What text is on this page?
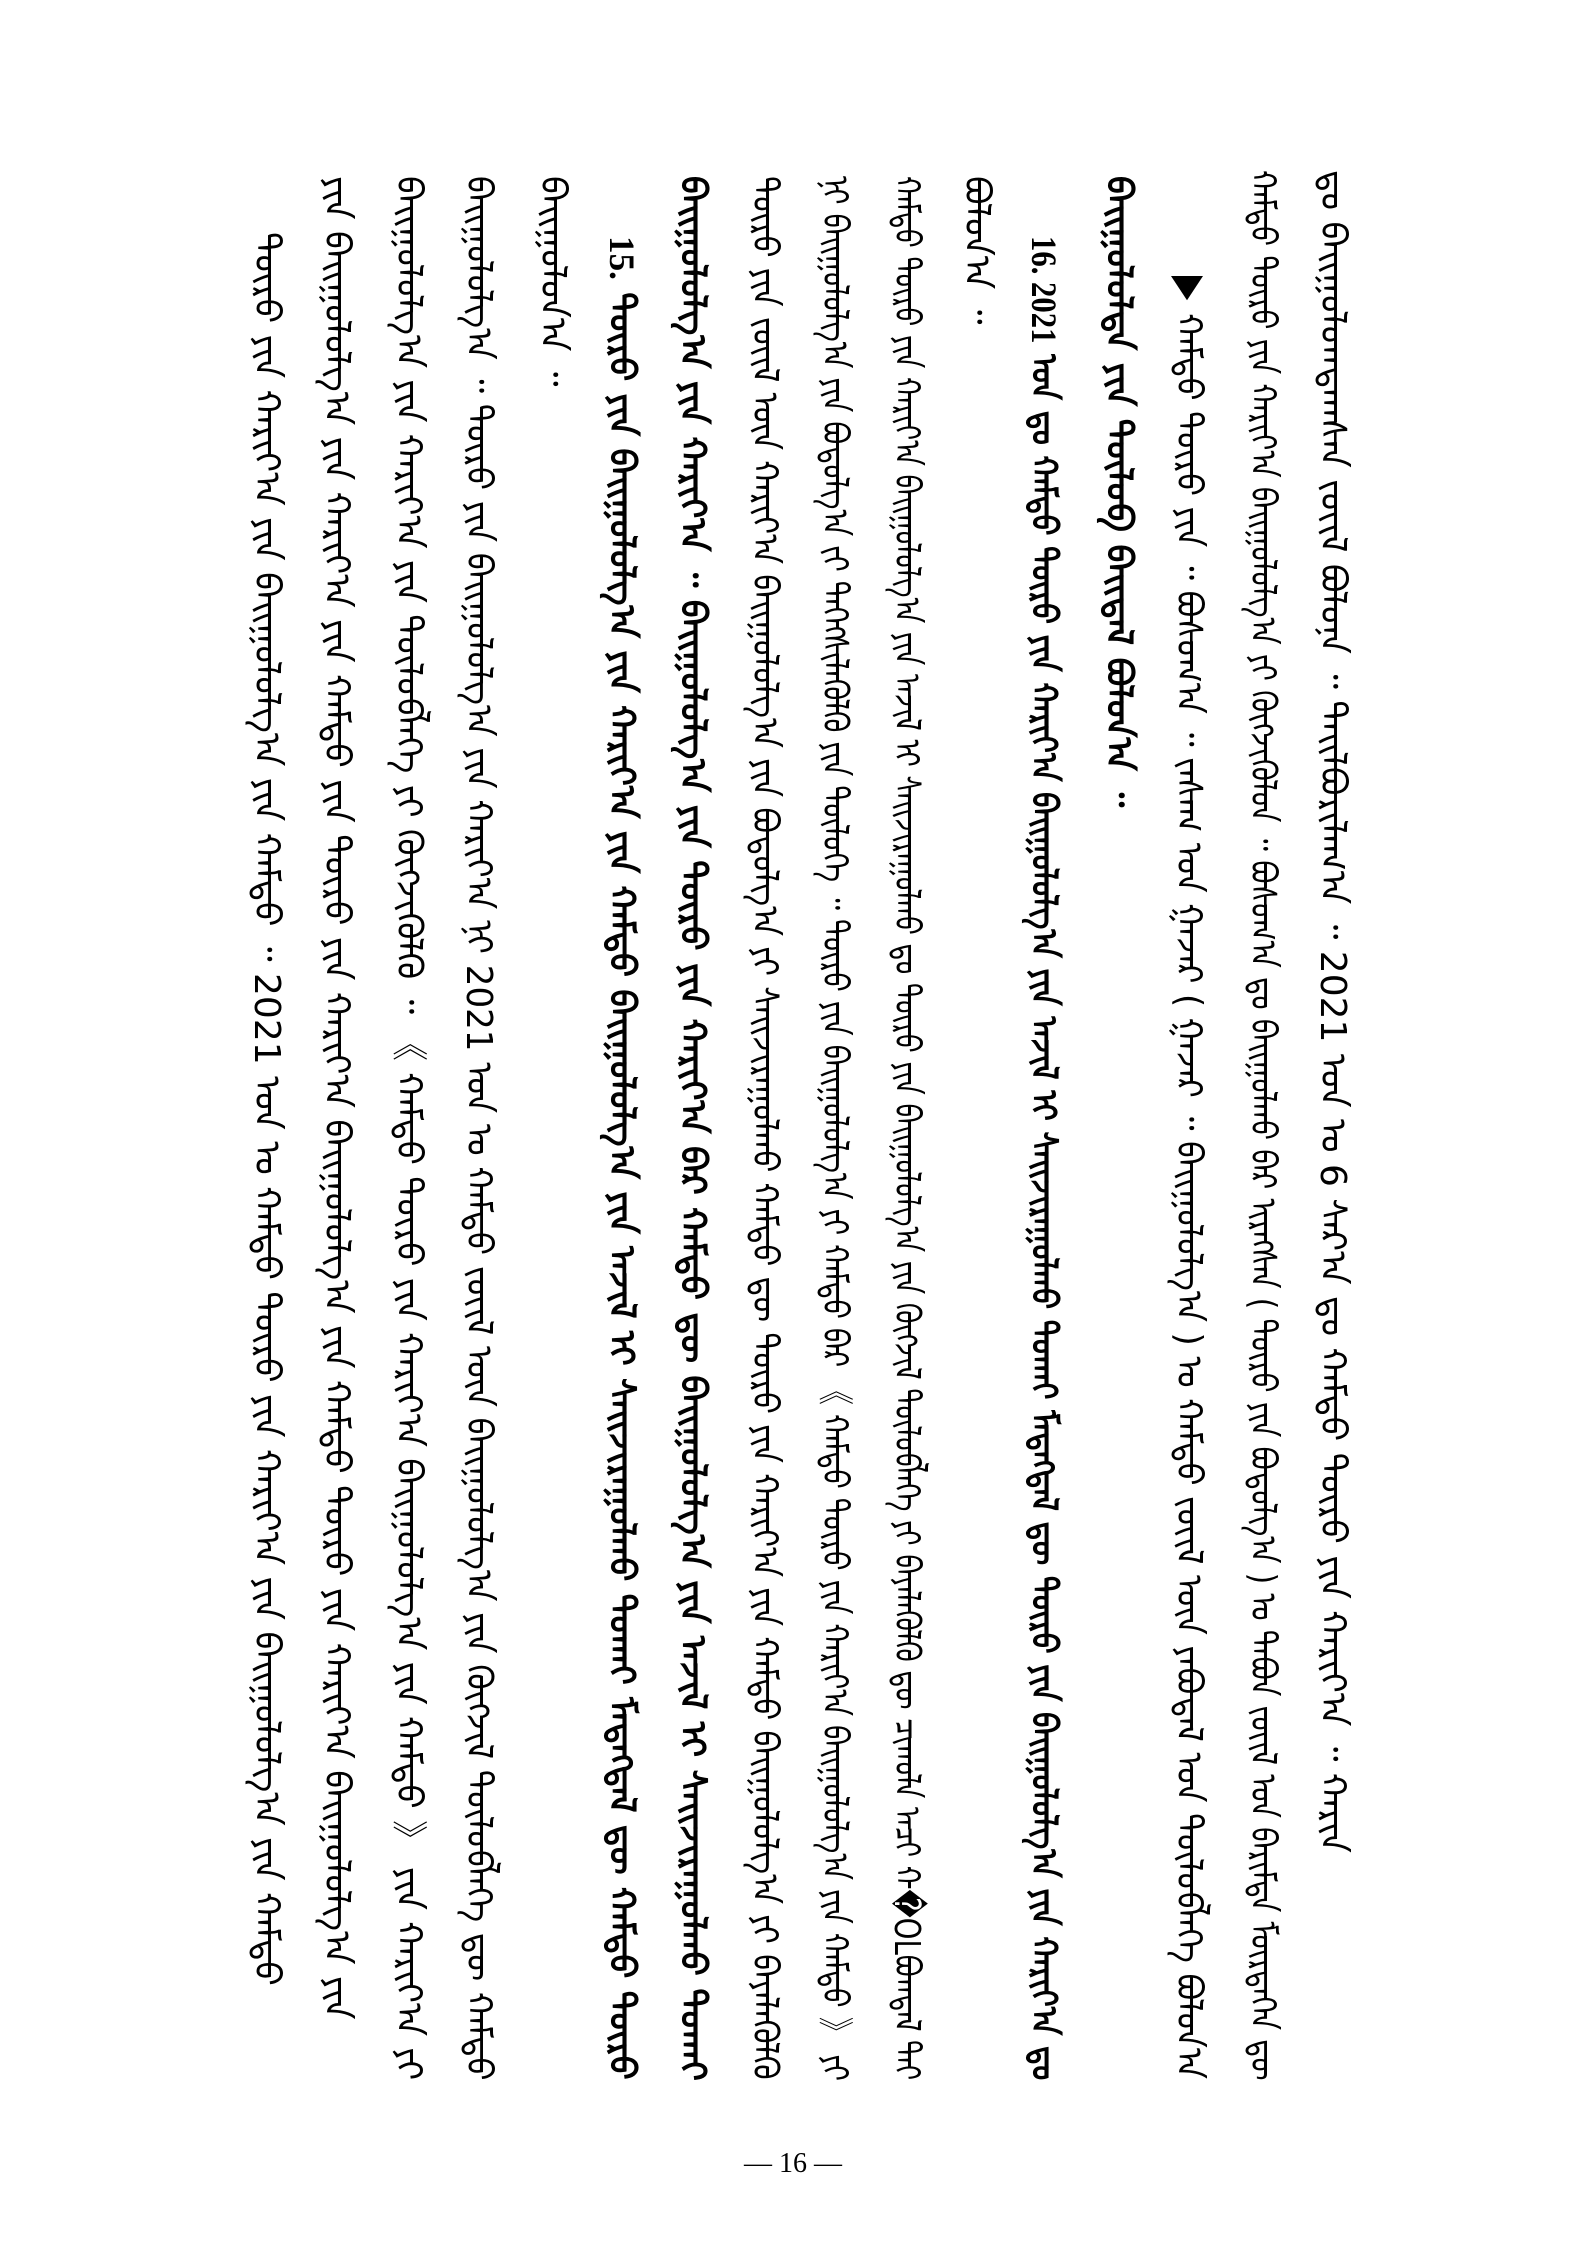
ᠳᠤ ᠪᠠᠢᠭᠤᠯᠤᠭᠳᠠᠭᠰᠠᠨ ᠵᠦᠢᠯ ᠪᠣᠯᠤᠨᠠ ᠃ ᠲᠠᠢᠯᠪᠤᠷᠢᠯᠠᠭ᠎ᠠ ᠃ 2021 ᠣᠨ ᠤ 6 ᠰᠠᠷ᠎ᠠ ᠳᠤ ᠬᠠᠮᠲᠤ ᠲᠥᠷᠥ ᠶᠢᠨ ᠬᠠᠷᠢᠶ᠎ᠠ ᠃ ᠬᠠᠷᠢᠨ
ᠬᠠᠮᠲᠤ ᠲᠥᠷᠥ ᠶᠢᠨ ᠬᠠᠷᠢᠶ᠎ᠠ ᠪᠠᠢᠭᠤᠯᠤᠯᠭ᠎ᠠ ᠶᠢ ᠬᠥᠭᠵᠢᠭᠦᠯᠦᠨ ᠃ ᠪᠣᠰᠣᠭ᠎ᠠ ᠳᠤ ᠪᠠᠢᠭᠤᠯᠬᠤ ᠪᠠᠷ ᠢᠷᠡᠭᠰᠡᠨ ( ᠲᠥᠷᠥ ᠶᠢᠨ ᠪᠣᠳᠣᠯᠭ᠎ᠠ ) ᠤ ᠲᠠᠪᠤᠨ ᠵᠦᠢᠯ ᠤᠨ ᠪᠠᠷᠢᠮᠲᠠ ᠮᠥᠷᠲᠡᠭᠡᠨ ᠳᠦ
ᠬᠠᠮᠲᠤ ᠲᠥᠷᠥ ᠶᠢᠨ ᠃ ᠪᠣᠰᠣᠭ᠎ᠠ ᠃ ᠵᠠᠰᠠᠭ ᠤᠨ ᠭᠠᠵᠠᠷ ( ᠭᠠᠵᠠᠷ ᠃ ᠪᠠᠢᠭᠤᠯᠤᠯᠭ᠎ᠠ ) ᠤ ᠬᠠᠮᠲᠤ ᠵᠦᠢᠯ ᠦᠨ ᠶᠠᠪᠤᠳᠠᠯ ᠤᠨ ᠲᠥᠯᠦᠪᠯᠡᠭᠡ ᠪᠣᠯᠤᠨ᠎ᠠ
ᠪᠠᠢᠭᠤᠯᠤᠯᠲᠠ ᠶᠢᠨ ᠲᠥᠯᠦᠪ ᠪᠠᠢᠳᠠᠯ ᠪᠣᠯᠤᠨ᠎ᠠ ᠃
16. 2021 ᠣᠨ ᠳᠤ ᠬᠠᠮᠲᠤ ᠲᠥᠷᠥ ᠶᠢᠨ ᠬᠠᠷᠢᠶ᠎ᠠ ᠪᠠᠢᠭᠤᠯᠤᠯᠭ᠎ᠠ ᠶᠢᠨ ᠠᠵᠢᠯ ᠢ ᠰᠠᠢᠵᠢᠷᠠᠭᠤᠯᠬᠤ ᠲᠤᠬᠠᠢ ᠮᠡᠳᠡᠭᠳᠡᠯ ᠳᠦ ᠲᠥᠷᠥ ᠶᠢᠨ ᠪᠠᠢᠭᠤᠯᠤᠯᠭ᠎ᠠ ᠶᠢᠨ ᠬᠠᠷᠢᠶ᠎ᠠ ᠳᠤ
ᠪᠣᠯᠤᠨ᠎ᠠ ᠃
ᠬᠠᠮᠲᠤ ᠲᠥᠷᠥ ᠶᠢᠨ ᠬᠠᠷᠢᠶ᠎ᠠ ᠪᠠᠢᠭᠤᠯᠤᠯᠭ᠎ᠠ ᠶᠢᠨ ᠠᠵᠢᠯ ᠢ ᠰᠠᠢᠵᠢᠷᠠᠭᠤᠯᠬᠤ ᠳᠤ ᠲᠥᠷᠥ ᠶᠢᠨ ᠪᠠᠢᠭᠤᠯᠤᠯᠭ᠎ᠠ ᠶᠢᠨ ᠬᠥᠭᠵᠢᠯ ᠲᠥᠯᠦᠪᠯᠡᠭᠡ ᠶᠢ ᠪᠡᠶᠡᠯᠡᠭᠦᠯᠬᠦ ᠳᠦ ᠴᠢᠬᠤᠯᠠ ᠠᠴᠢ ᠬ�OLᠪᠣᠭᠳᠠᠯ ᠲᠠᠢ
ᠨᠢ ᠪᠠᠢᠭᠤᠯᠤᠯᠭ᠎ᠠ ᠶᠢᠨ ᠪᠣᠳᠣᠯᠭ᠎ᠠ ᠵᠢ ᠳᠡᠭᠡᠭᠰᠢᠯᠡᠭᠦᠯᠬᠦ ᠶᠢᠨ ᠲᠥᠯᠦᠭᠡ ᠃ ᠲᠥᠷᠥ ᠶᠢᠨ ᠪᠠᠢᠭᠤᠯᠤᠯᠭ᠎ᠠ ᠶᠢ ᠬᠠᠮᠲᠤ ᠪᠠᠷ 《 ᠬᠠᠮᠲᠤ ᠲᠥᠷᠥ ᠶᠢᠨ ᠬᠠᠷᠢᠶ᠎ᠠ ᠪᠠᠢᠭᠤᠯᠤᠯᠭ᠎ᠠ ᠶᠢᠨ ᠬᠠᠮᠲᠤ 》 ᠶᠢ
ᠲᠥᠷᠥ ᠶᠢᠨ ᠵᠦᠢᠯ ᠦᠨ ᠬᠠᠷᠢᠶ᠎ᠠ ᠪᠠᠢᠭᠤᠯᠤᠯᠭ᠎ᠠ ᠶᠢᠨ ᠪᠣᠳᠣᠯᠭ᠎ᠠ ᠶᠢ ᠰᠠᠢᠵᠢᠷᠠᠭᠤᠯᠬᠤ ᠬᠠᠮᠲᠤ ᠳᠦ ᠲᠥᠷᠥ ᠶᠢᠨ ᠬᠠᠷᠢᠶ᠎ᠠ ᠶᠢᠨ ᠬᠠᠮᠲᠤ ᠪᠠᠢᠭᠤᠯᠤᠯᠭ᠎ᠠ ᠶᠢ ᠪᠡᠶᠡᠯᠡᠭᠦᠯᠬᠦ
ᠪᠠᠢᠭᠤᠯᠤᠯᠭ᠎ᠠ ᠶᠢᠨ ᠬᠠᠷᠢᠶ᠎ᠠ ᠃ ᠪᠠᠢᠭᠤᠯᠤᠯᠭ᠎ᠠ ᠶᠢᠨ ᠲᠥᠷᠥ ᠶᠢᠨ ᠬᠠᠷᠢᠶ᠎ᠠ ᠪᠠᠷ ᠬᠠᠮᠲᠤ ᠳᠦ ᠪᠠᠢᠭᠤᠯᠤᠯᠭ᠎ᠠ ᠶᠢᠨ ᠠᠵᠢᠯ ᠢ ᠰᠠᠢᠵᠢᠷᠠᠭᠤᠯᠬᠤ ᠲᠤᠬᠠᠢ
15. ᠲᠥᠷᠥ ᠶᠢᠨ ᠪᠠᠢᠭᠤᠯᠤᠯᠭ᠎ᠠ ᠶᠢᠨ ᠬᠠᠷᠢᠶ᠎ᠠ ᠶᠢᠨ ᠬᠠᠮᠲᠤ ᠪᠠᠢᠭᠤᠯᠤᠯᠭ᠎ᠠ ᠶᠢᠨ ᠠᠵᠢᠯ ᠢ ᠰᠠᠢᠵᠢᠷᠠᠭᠤᠯᠬᠤ ᠲᠤᠬᠠᠢ ᠮᠡᠳᠡᠭᠳᠡᠯ ᠳᠦ ᠬᠠᠮᠲᠤ ᠲᠥᠷᠥ
ᠪᠠᠢᠭᠤᠯᠤᠨ᠎ᠠ ᠃
ᠪᠠᠢᠭᠤᠯᠤᠯᠭ᠎ᠠ ᠃ ᠲᠥᠷᠥ ᠶᠢᠨ ᠪᠠᠢᠭᠤᠯᠤᠯᠭ᠎ᠠ ᠶᠢᠨ ᠬᠠᠷᠢᠶ᠎ᠠ ᠨᠢ 2021 ᠣᠨ ᠤ ᠬᠠᠮᠲᠤ ᠵᠦᠢᠯ ᠦᠨ ᠪᠠᠢᠭᠤᠯᠤᠯᠭ᠎ᠠ ᠶᠢᠨ ᠬᠥᠭᠵᠢᠯ ᠲᠥᠯᠦᠪᠯᠡᠭᠡ ᠳᠦ ᠬᠠᠮᠲᠤ
ᠪᠠᠢᠭᠤᠯᠤᠯᠭ᠎ᠠ ᠶᠢᠨ ᠬᠠᠷᠢᠶ᠎ᠠ ᠶᠢᠨ ᠲᠥᠯᠦᠪᠯᠡᠭᠡ ᠶᠢ ᠬᠥᠭᠵᠢᠭᠦᠯᠬᠦ ᠃ 《 ᠬᠠᠮᠲᠤ ᠲᠥᠷᠥ ᠶᠢᠨ ᠬᠠᠷᠢᠶ᠎ᠠ ᠪᠠᠢᠭᠤᠯᠤᠯᠭ᠎ᠠ ᠶᠢᠨ ᠬᠠᠮᠲᠤ 》 ᠶᠢᠨ ᠬᠠᠷᠢᠶ᠎ᠠ ᠶᠢ
ᠶᠢᠨ ᠪᠠᠢᠭᠤᠯᠤᠯᠭ᠎ᠠ ᠶᠢᠨ ᠬᠠᠷᠢᠶ᠎ᠠ ᠶᠢᠨ ᠬᠠᠮᠲᠤ ᠶᠢᠨ ᠲᠥᠷᠥ ᠶᠢᠨ ᠬᠠᠷᠢᠶ᠎ᠠ ᠪᠠᠢᠭᠤᠯᠤᠯᠭ᠎ᠠ ᠶᠢᠨ ᠬᠠᠮᠲᠤ ᠲᠥᠷᠥ ᠶᠢᠨ ᠬᠠᠷᠢᠶ᠎ᠠ ᠪᠠᠢᠭᠤᠯᠤᠯᠭ᠎ᠠ ᠶᠢᠨ
ᠲᠥᠷᠥ ᠶᠢᠨ ᠬᠠᠷᠢᠶ᠎ᠠ ᠶᠢᠨ ᠪᠠᠢᠭᠤᠯᠤᠯᠭ᠎ᠠ ᠶᠢᠨ ᠬᠠᠮᠲᠤ ᠃ 2021 ᠣᠨ ᠤ ᠬᠠᠮᠲᠤ ᠲᠥᠷᠥ ᠶᠢᠨ ᠬᠠᠷᠢᠶ᠎ᠠ ᠶᠢᠨ ᠪᠠᠢᠭᠤᠯᠤᠯᠭ᠎ᠠ ᠶᠢᠨ ᠬᠠᠮᠲᠤ
— 16 —
